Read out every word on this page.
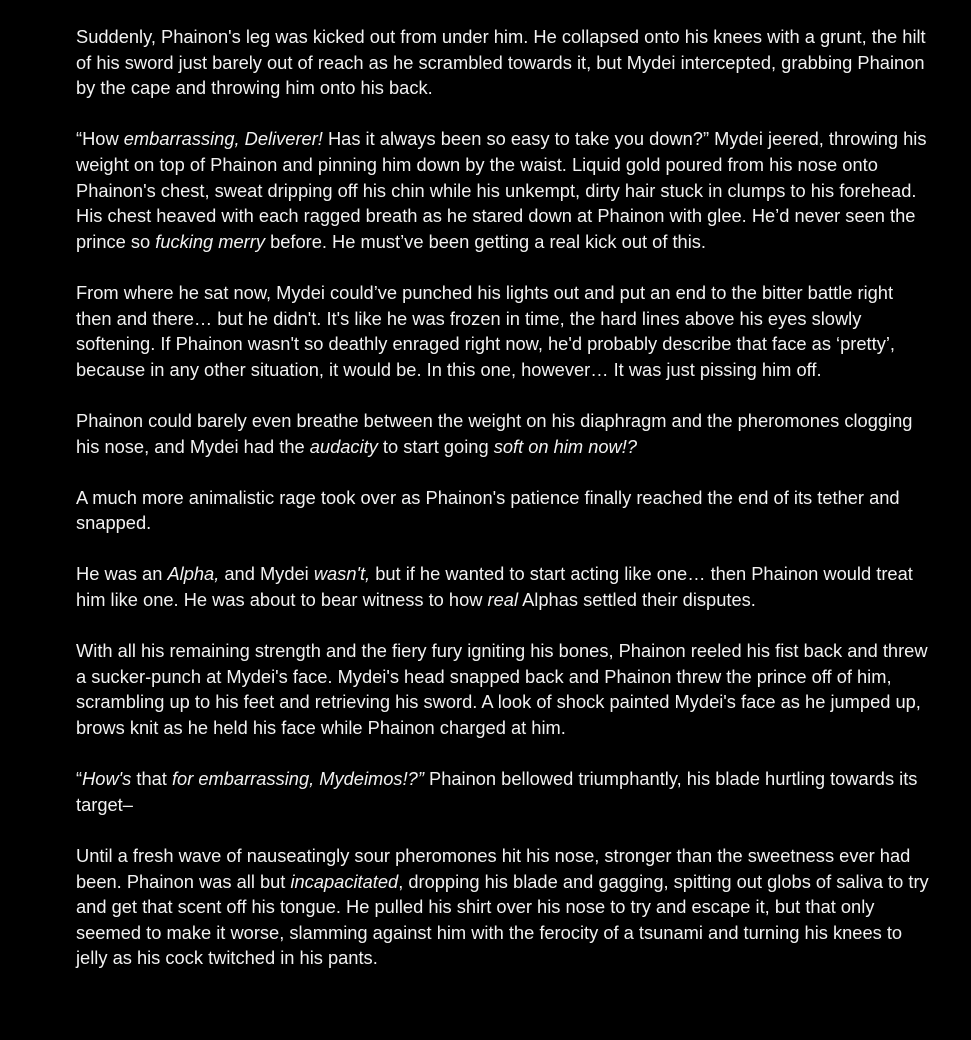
Suddenly, Phainon's leg was kicked out from under him. He collapsed onto his knees with a grunt, the hilt of his sword just barely out of reach as he scrambled towards it, but Mydei intercepted, grabbing Phainon by the cape and throwing him onto his back.

“How embarrassing, Deliverer! Has it always been so easy to take you down?” Mydei jeered, throwing his weight on top of Phainon and pinning him down by the waist. Liquid gold poured from his nose onto Phainon's chest, sweat dripping off his chin while his unkempt, dirty hair stuck in clumps to his forehead. His chest heaved with each ragged breath as he stared down at Phainon with glee. He’d never seen the prince so fucking merry before. He must’ve been getting a real kick out of this.

From where he sat now, Mydei could’ve punched his lights out and put an end to the bitter battle right then and there… but he didn't. It's like he was frozen in time, the hard lines above his eyes slowly softening. If Phainon wasn't so deathly enraged right now, he'd probably describe that face as ‘pretty’, because in any other situation, it would be. In this one, however… It was just pissing him off.

Phainon could barely even breathe between the weight on his diaphragm and the pheromones clogging his nose, and Mydei had the audacity to start going soft on him now!?

A much more animalistic rage took over as Phainon's patience finally reached the end of its tether and snapped.

He was an Alpha, and Mydei wasn't, but if he wanted to start acting like one… then Phainon would treat him like one. He was about to bear witness to how real Alphas settled their disputes.

With all his remaining strength and the fiery fury igniting his bones, Phainon reeled his fist back and threw a sucker-punch at Mydei's face. Mydei's head snapped back and Phainon threw the prince off of him, scrambling up to his feet and retrieving his sword. A look of shock painted Mydei's face as he jumped up, brows knit as he held his face while Phainon charged at him.

“How's that for embarrassing, Mydeimos!?” Phainon bellowed triumphantly, his blade hurtling towards its target–

Until a fresh wave of nauseatingly sour pheromones hit his nose, stronger than the sweetness ever had been. Phainon was all but incapacitated, dropping his blade and gagging, spitting out globs of saliva to try and get that scent off his tongue. He pulled his shirt over his nose to try and escape it, but that only seemed to make it worse, slamming against him with the ferocity of a tsunami and turning his knees to jelly as his cock twitched in his pants.
